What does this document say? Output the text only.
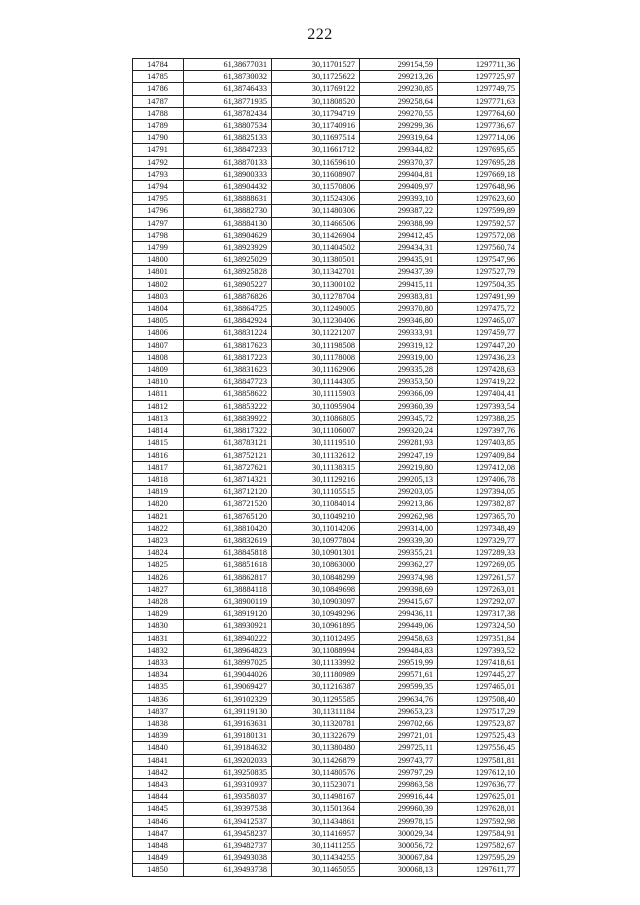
222
14784	61,38677031	30,11701527	299154,59	1297711,36
14785	61,38730032	30,11725622	299213,26	1297725,97
14786	61,38746433	30,11769122	299230,85	1297749,75
14787	61,38771935	30,11808520	299258,64	1297771,63
14788	61,38782434	30,11794719	299270,55	1297764,60
14789	61,38807534	30,11740916	299299,36	1297736,67
14790	61,38825133	30,11697514	299319,64	1297714,06
14791	61,38847233	30,11661712	299344,82	1297695,65
14792	61,38870133	30,11659610	299370,37	1297695,28
14793	61,38900333	30,11608907	299404,81	1297669,18
14794	61,38904432	30,11570806	299409,97	1297648,96
14795	61,38888631	30,11524306	299393,10	1297623,60
14796	61,38882730	30,11480306	299387,22	1297599,89
14797	61,38884130	30,11466506	299388,99	1297592,57
14798	61,38904629	30,11426904	299412,45	1297572,08
14799	61,38923929	30,11404502	299434,31	1297560,74
14800	61,38925029	30,11380501	299435,91	1297547,96
14801	61,38925828	30,11342701	299437,39	1297527,79
14802	61,38905227	30,11300102	299415,11	1297504,35
14803	61,38876826	30,11278704	299383,81	1297491,99
14804	61,38864725	30,11249005	299370,80	1297475,72
14805	61,38842924	30,11230406	299346,80	1297465,07
14806	61,38831224	30,11221207	299333,91	1297459,77
14807	61,38817623	30,11198508	299319,12	1297447,20
14808	61,38817223	30,11178008	299319,00	1297436,23
14809	61,38831623	30,11162906	299335,28	1297428,63
14810	61,38847723	30,11144305	299353,50	1297419,22
14811	61,38858622	30,11115903	299366,09	1297404,41
14812	61,38853222	30,11095904	299360,39	1297393,54
14813	61,38839922	30,11086805	299345,72	1297388,25
14814	61,38817322	30,11106007	299320,24	1297397,76
14815	61,38783121	30,11119510	299281,93	1297403,85
14816	61,38752121	30,11132612	299247,19	1297409,84
14817	61,38727621	30,11138315	299219,80	1297412,08
14818	61,38714321	30,11129216	299205,13	1297406,78
14819	61,38712120	30,11105515	299203,05	1297394,05
14820	61,38721520	30,11084014	299213,86	1297382,87
14821	61,38765120	30,11049210	299262,98	1297365,70
14822	61,38810420	30,11014206	299314,00	1297348,49
14823	61,38832619	30,10977804	299339,30	1297329,77
14824	61,38845818	30,10901301	299355,21	1297289,33
14825	61,38851618	30,10863000	299362,27	1297269,05
14826	61,38862817	30,10848299	299374,98	1297261,57
14827	61,38884118	30,10849698	299398,69	1297263,01
14828	61,38900119	30,10903097	299415,67	1297292,07
14829	61,38919120	30,10949296	299436,11	1297317,38
14830	61,38930921	30,10961895	299449,06	1297324,50
14831	61,38940222	30,11012495	299458,63	1297351,84
14832	61,38964823	30,11088994	299484,83	1297393,52
14833	61,38997025	30,11133992	299519,99	1297418,61
14834	61,39044026	30,11180989	299571,61	1297445,27
14835	61,39069427	30,11216387	299599,35	1297465,01
14836	61,39102329	30,11295585	299634,76	1297508,40
14837	61,39119130	30,11311184	299653,23	1297517,29
14838	61,39163631	30,11320781	299702,66	1297523,87
14839	61,39180131	30,11322679	299721,01	1297525,43
14840	61,39184632	30,11380480	299725,11	1297556,45
14841	61,39202033	30,11426879	299743,77	1297581,81
14842	61,39250835	30,11480576	299797,29	1297612,10
14843	61,39310937	30,11523071	299863,58	1297636,77
14844	61,39358037	30,11498167	299916,44	1297625,01
14845	61,39397538	30,11501364	299960,39	1297628,01
14846	61,39412537	30,11434861	299978,15	1297592,98
14847	61,39458237	30,11416957	300029,34	1297584,91
14848	61,39482737	30,11411255	300056,72	1297582,67
14849	61,39493038	30,11434255	300067,84	1297595,29
14850	61,39493738	30,11465055	300068,13	1297611,77
